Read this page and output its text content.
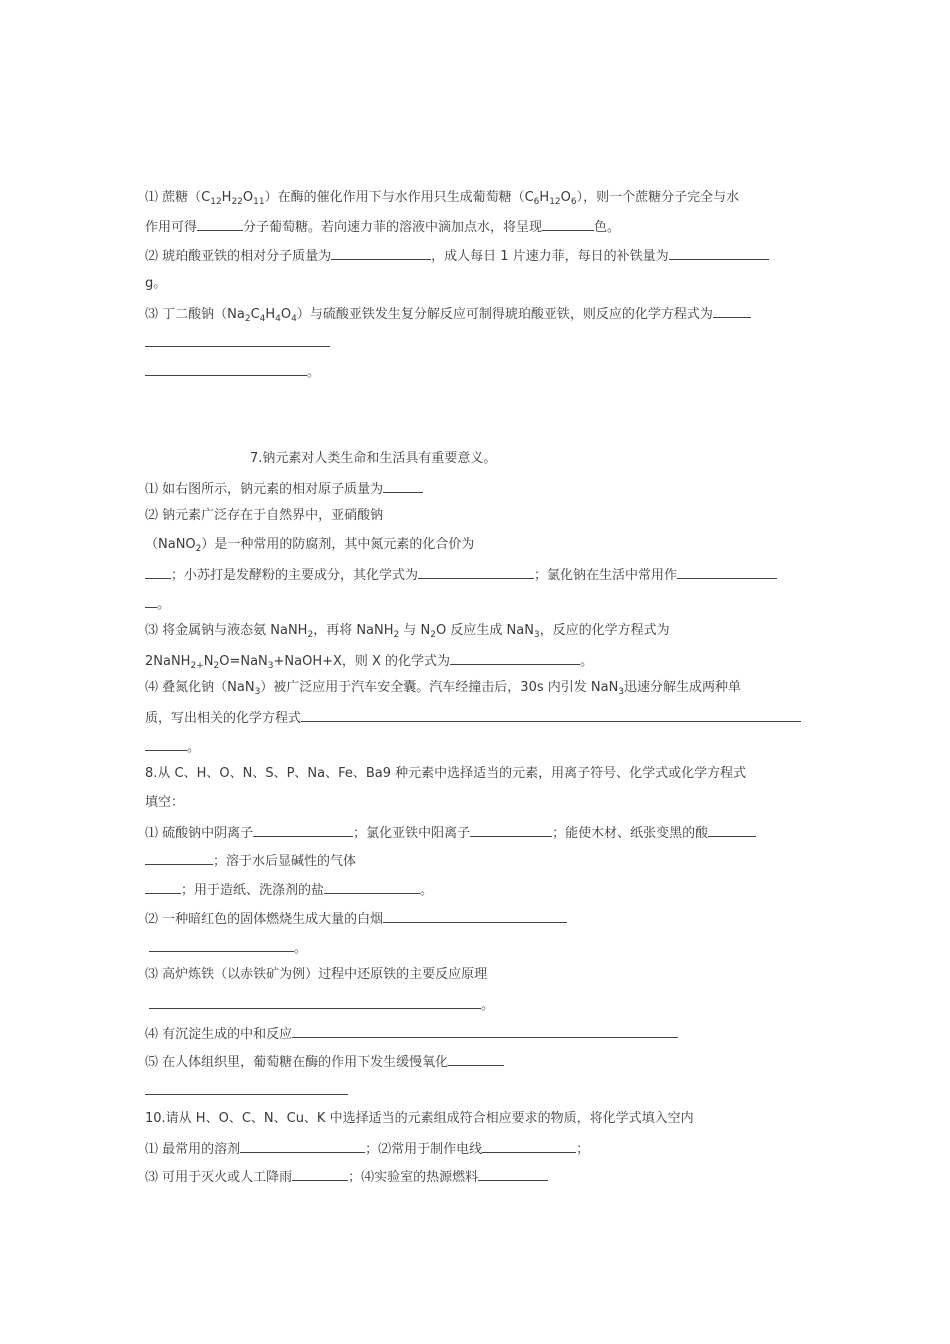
⑴ 蔗糖$(C_{12}H_{22}O_{11})$在酶的催化作用下与水作用只生成葡萄糖$(C_6H_{12}O_6)$，则一个蔗糖分子完全与水
作用可得	分子葡萄糖。若向速力菲的溶液中滴加点水，将呈现	色。
⑵ 琥珀酸亚铁的相对分子质量为	，成人每日 1 片速力菲，每日的补铁量为
g。
⑶ 丁二酸钠$(Na_2C_4H_4O_4)$与硫酸亚铁发生复分解反应可制得琥珀酸亚铁，则反应的化学方程式为
。
7.钠元素对人类生命和生活具有重要意义。
⑴ 如右图所示，钠元素的相对原子质量为
⑵ 钠元素广泛存在于自然界中，亚硝酸钠
（NaNO$_2$）是一种常用的防腐剂，其中氮元素的化合价为
；小苏打是发酵粉的主要成分，其化学式为	；氯化钠在生活中常用作
。
⑶ 将金属钠与液态氨 NaNH$_2$，再将 NaNH$_2$ 与 $N_2O$ 反应生成 NaN$_3$，反应的化学方程式为
$2NaNH_{2+}N_2O=NaN_3+NaOH+X$，则 X 的化学式为	。
⑷ 叠氮化钠（NaN$_3$）被广泛应用于汽车安全囊。汽车经撞击后，30s 内引发 NaN$_3$迅速分解生成两种单
质，写出相关的化学方程式
。
8.从 C、H、O、N、S、P、Na、Fe、Ba9 种元素中选择适当的元素，用离子符号、化学式或化学方程式
填空：
⑴ 硫酸钠中阴离子	；氯化亚铁中阳离子	；能使木材、纸张变黑的酸
；溶于水后显碱性的气体
；用于造纸、洗涤剂的盐	。
⑵ 一种暗红色的固体燃烧生成大量的白烟
。
⑶ 高炉炼铁（以赤铁矿为例）过程中还原铁的主要反应原理
。
⑷ 有沉淀生成的中和反应
⑸ 在人体组织里，葡萄糖在酶的作用下发生缓慢氧化
10.请从 H、O、C、N、Cu、K 中选择适当的元素组成符合相应要求的物质，将化学式填入空内
⑴ 最常用的溶剂	；⑵常用于制作电线	；
⑶ 可用于灭火或人工降雨	；⑷实验室的热源燃料
